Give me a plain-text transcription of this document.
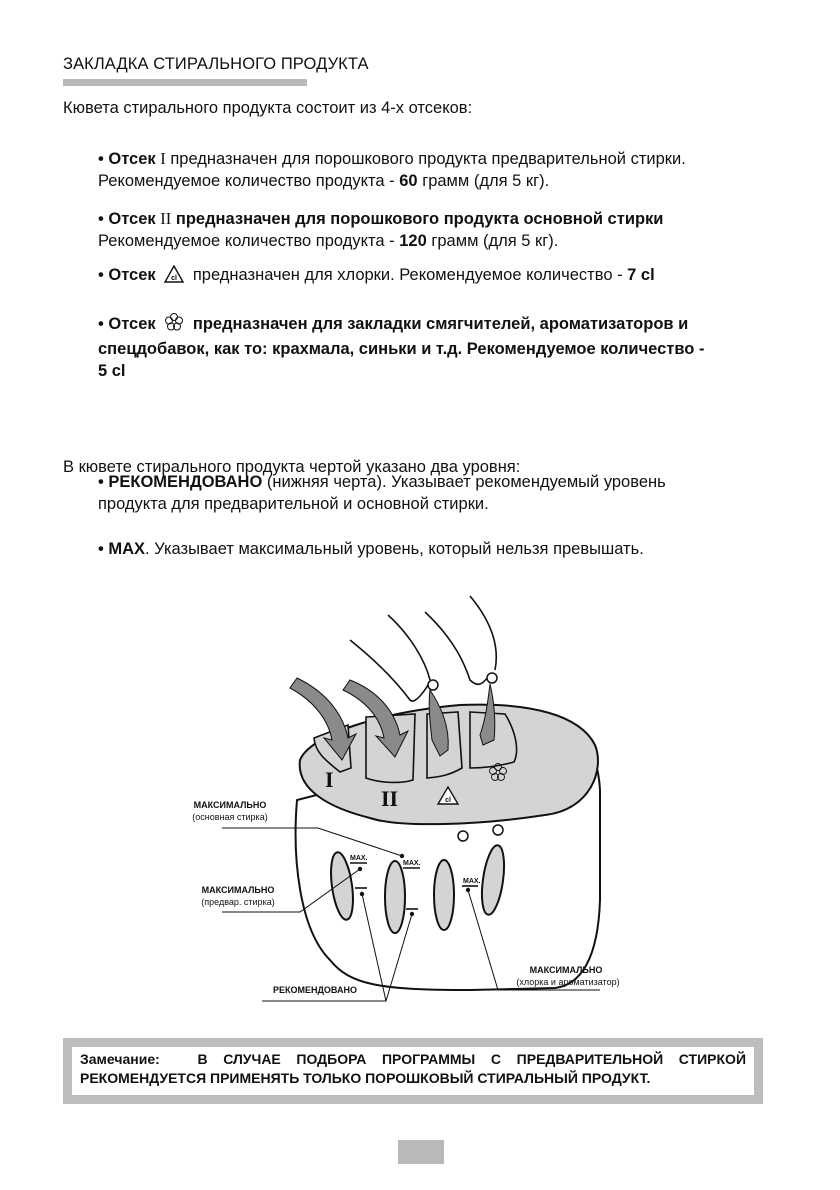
ЗАКЛАДКА СТИРАЛЬНОГО ПРОДУКТА
Кювета стирального продукта состоит из 4-х отсеков:
• Отсек I предназначен для порошкового продукта предварительной стирки.
Рекомендуемое количество продукта - 60 грамм (для 5 кг).
• Отсек II предназначен для порошкового продукта основной стирки
Рекомендуемое количество продукта - 120 грамм (для 5 кг).
• Отсек cl предназначен для хлорки. Рекомендуемое количество - 7 cl
• Отсек предназначен для закладки смягчителей, ароматизаторов и
спецдобавок, как то: крахмала, синьки и т.д. Рекомендуемое количество -
5 cl
В кювете стирального продукта чертой указано два уровня:
• РЕКОМЕНДОВАНО (нижняя черта). Указывает рекомендуемый уровень
продукта для предварительной и основной стирки.
• MAX. Указывает максимальный уровень, который нельзя превышать.
I
II	cl
MAX.
MAX.
MAX.
МАКСИМАЛЬНО
(основная стирка)
МАКСИМАЛЬНО
(предвар. стирка)
РЕКОМЕНДОВАНО
МАКСИМАЛЬНО
(хлорка и ароматизатор)
Замечание:	В СЛУЧАЕ ПОДБОРА ПРОГРАММЫ С ПРЕДВАРИТЕЛЬНОЙ СТИРКОЙ РЕКОМЕНДУЕТСЯ ПРИМЕНЯТЬ ТОЛЬКО ПОРОШКОВЫЙ СТИРАЛЬНЫЙ ПРОДУКТ.
